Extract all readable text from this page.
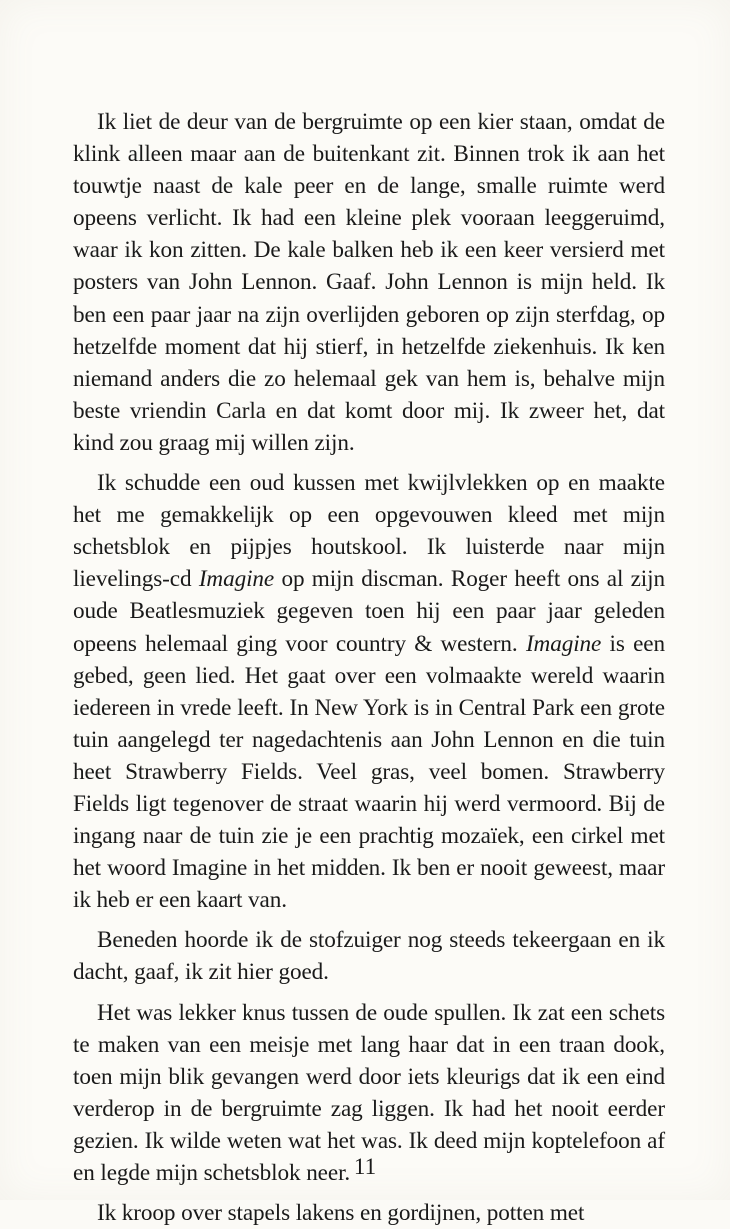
Ik liet de deur van de bergruimte op een kier staan, omdat de klink alleen maar aan de buitenkant zit. Binnen trok ik aan het touwtje naast de kale peer en de lange, smalle ruimte werd opeens verlicht. Ik had een kleine plek vooraan leeggeruimd, waar ik kon zitten. De kale balken heb ik een keer versierd met posters van John Lennon. Gaaf. John Lennon is mijn held. Ik ben een paar jaar na zijn overlijden geboren op zijn sterfdag, op hetzelfde moment dat hij stierf, in hetzelfde ziekenhuis. Ik ken niemand anders die zo helemaal gek van hem is, behalve mijn beste vriendin Carla en dat komt door mij. Ik zweer het, dat kind zou graag mij willen zijn.

Ik schudde een oud kussen met kwijlvlekken op en maakte het me gemakkelijk op een opgevouwen kleed met mijn schetsblok en pijpjes houtskool. Ik luisterde naar mijn lievelings-cd Imagine op mijn discman. Roger heeft ons al zijn oude Beatlesmuziek gegeven toen hij een paar jaar geleden opeens helemaal ging voor country & western. Imagine is een gebed, geen lied. Het gaat over een volmaakte wereld waarin iedereen in vrede leeft. In New York is in Central Park een grote tuin aangelegd ter nagedachtenis aan John Lennon en die tuin heet Strawberry Fields. Veel gras, veel bomen. Strawberry Fields ligt tegenover de straat waarin hij werd vermoord. Bij de ingang naar de tuin zie je een prachtig mozaïek, een cirkel met het woord Imagine in het midden. Ik ben er nooit geweest, maar ik heb er een kaart van.

Beneden hoorde ik de stofzuiger nog steeds tekeergaan en ik dacht, gaaf, ik zit hier goed.

Het was lekker knus tussen de oude spullen. Ik zat een schets te maken van een meisje met lang haar dat in een traan dook, toen mijn blik gevangen werd door iets kleurigs dat ik een eind verderop in de bergruimte zag liggen. Ik had het nooit eerder gezien. Ik wilde weten wat het was. Ik deed mijn koptelefoon af en legde mijn schetsblok neer.

Ik kroop over stapels lakens en gordijnen, potten met

11
